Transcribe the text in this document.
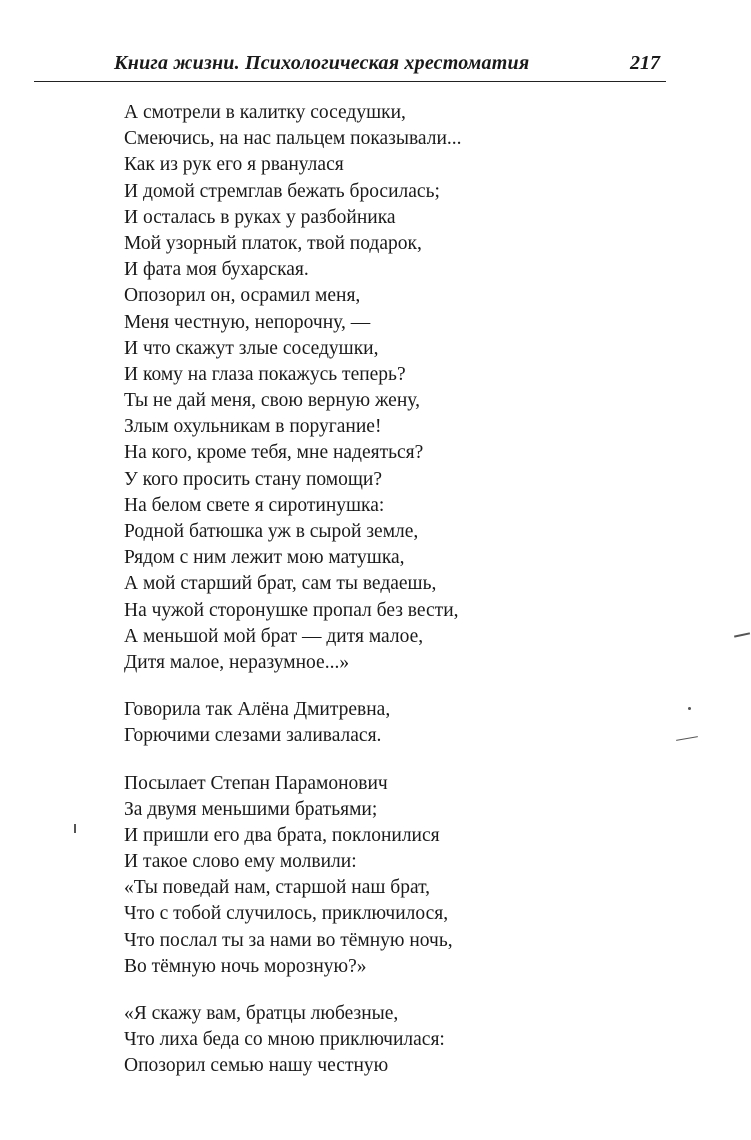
Книга жизни. Психологическая хрестоматия	217
А смотрели в калитку соседушки,
Смеючись, на нас пальцем показывали...
Как из рук его я рванулася
И домой стремглав бежать бросилась;
И осталась в руках у разбойника
Мой узорный платок, твой подарок,
И фата моя бухарская.
Опозорил он, осрамил меня,
Меня честную, непорочну, —
И что скажут злые соседушки,
И кому на глаза покажусь теперь?
Ты не дай меня, свою верную жену,
Злым охульникам в поругание!
На кого, кроме тебя, мне надеяться?
У кого просить стану помощи?
На белом свете я сиротинушка:
Родной батюшка уж в сырой земле,
Рядом с ним лежит мою матушка,
А мой старший брат, сам ты ведаешь,
На чужой сторонушке пропал без вести,
А меньшой мой брат — дитя малое,
Дитя малое, неразумное...»
Говорила так Алёна Дмитревна,
Горючими слезами заливалася.
Посылает Степан Парамонович
За двумя меньшими братьями;
И пришли его два брата, поклонилися
И такое слово ему молвили:
«Ты поведай нам, старшой наш брат,
Что с тобой случилось, приключилося,
Что послал ты за нами во тёмную ночь,
Во тёмную ночь морозную?»
«Я скажу вам, братцы любезные,
Что лиха беда со мною приключилася:
Опозорил семью нашу честную
